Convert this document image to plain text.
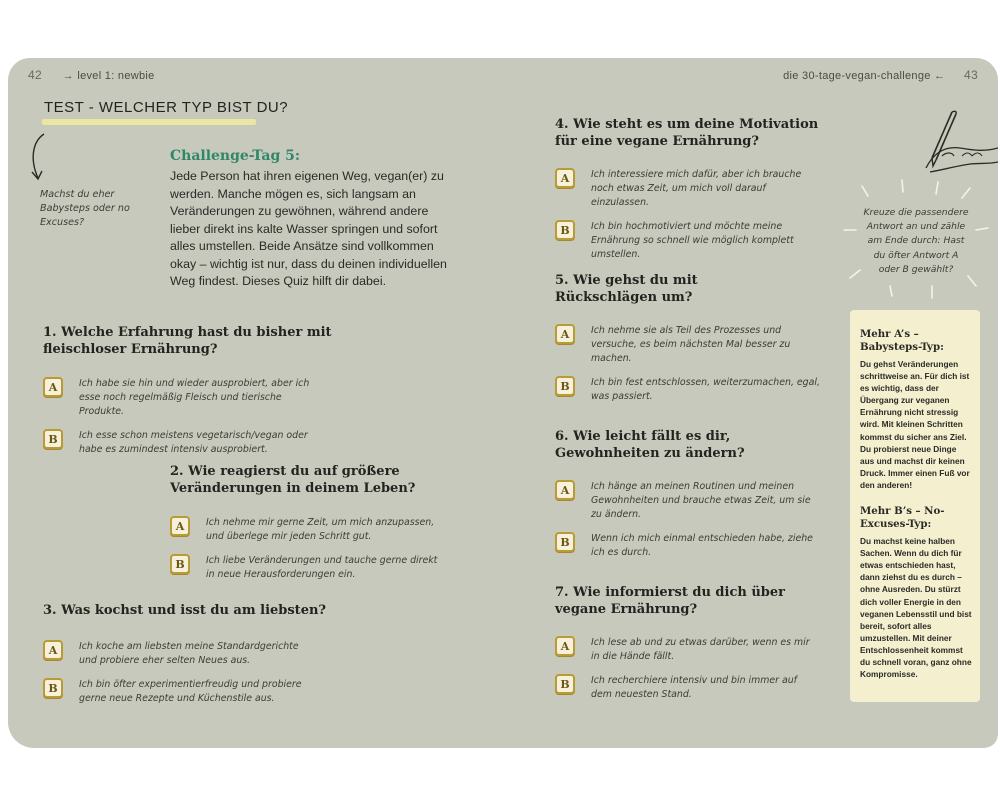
42 → level 1: newbie	die 30-tage-vegan-challenge ← 43
TEST - WELCHER TYP BIST DU?
Machst du eher Babysteps oder no Excuses?
Challenge-Tag 5:
Jede Person hat ihren eigenen Weg, vegan(er) zu werden. Manche mögen es, sich langsam an Veränderungen zu gewöhnen, während andere lieber direkt ins kalte Wasser springen und sofort alles umstellen. Beide Ansätze sind vollkommen okay – wichtig ist nur, dass du deinen individuellen Weg findest. Dieses Quiz hilft dir dabei.
1. Welche Erfahrung hast du bisher mit fleischloser Ernährung?
A	Ich habe sie hin und wieder ausprobiert, aber ich esse noch regelmäßig Fleisch und tierische Produkte.
B	Ich esse schon meistens vegetarisch/vegan oder habe es zumindest intensiv ausprobiert.
2. Wie reagierst du auf größere Veränderungen in deinem Leben?
A	Ich nehme mir gerne Zeit, um mich anzupassen, und überlege mir jeden Schritt gut.
B	Ich liebe Veränderungen und tauche gerne direkt in neue Herausforderungen ein.
3. Was kochst und isst du am liebsten?
A	Ich koche am liebsten meine Standardgerichte und probiere eher selten Neues aus.
B	Ich bin öfter experimentierfreudig und probiere gerne neue Rezepte und Küchenstile aus.
4. Wie steht es um deine Motivation für eine vegane Ernährung?
A	Ich interessiere mich dafür, aber ich brauche noch etwas Zeit, um mich voll darauf einzulassen.
B	Ich bin hochmotiviert und möchte meine Ernährung so schnell wie möglich komplett umstellen.
5. Wie gehst du mit Rückschlägen um?
A	Ich nehme sie als Teil des Prozesses und versuche, es beim nächsten Mal besser zu machen.
B	Ich bin fest entschlossen, weiterzumachen, egal, was passiert.
6. Wie leicht fällt es dir, Gewohnheiten zu ändern?
A	Ich hänge an meinen Routinen und meinen Gewohnheiten und brauche etwas Zeit, um sie zu ändern.
B	Wenn ich mich einmal entschieden habe, ziehe ich es durch.
7. Wie informierst du dich über vegane Ernährung?
A	Ich lese ab und zu etwas darüber, wenn es mir in die Hände fällt.
B	Ich recherchiere intensiv und bin immer auf dem neuesten Stand.
Kreuze die passendere Antwort an und zähle am Ende durch: Hast du öfter Antwort A oder B gewählt?
Mehr A’s – Babysteps-Typ:
Du gehst Veränderungen schrittweise an. Für dich ist es wichtig, dass der Übergang zur veganen Ernährung nicht stressig wird. Mit kleinen Schritten kommst du sicher ans Ziel. Du probierst neue Dinge aus und machst dir keinen Druck. Immer einen Fuß vor den anderen!
Mehr B’s – No-Excuses-Typ:
Du machst keine halben Sachen. Wenn du dich für etwas entschieden hast, dann ziehst du es durch – ohne Ausreden. Du stürzt dich voller Energie in den veganen Lebensstil und bist bereit, sofort alles umzustellen. Mit deiner Entschlossenheit kommst du schnell voran, ganz ohne Kompromisse.
